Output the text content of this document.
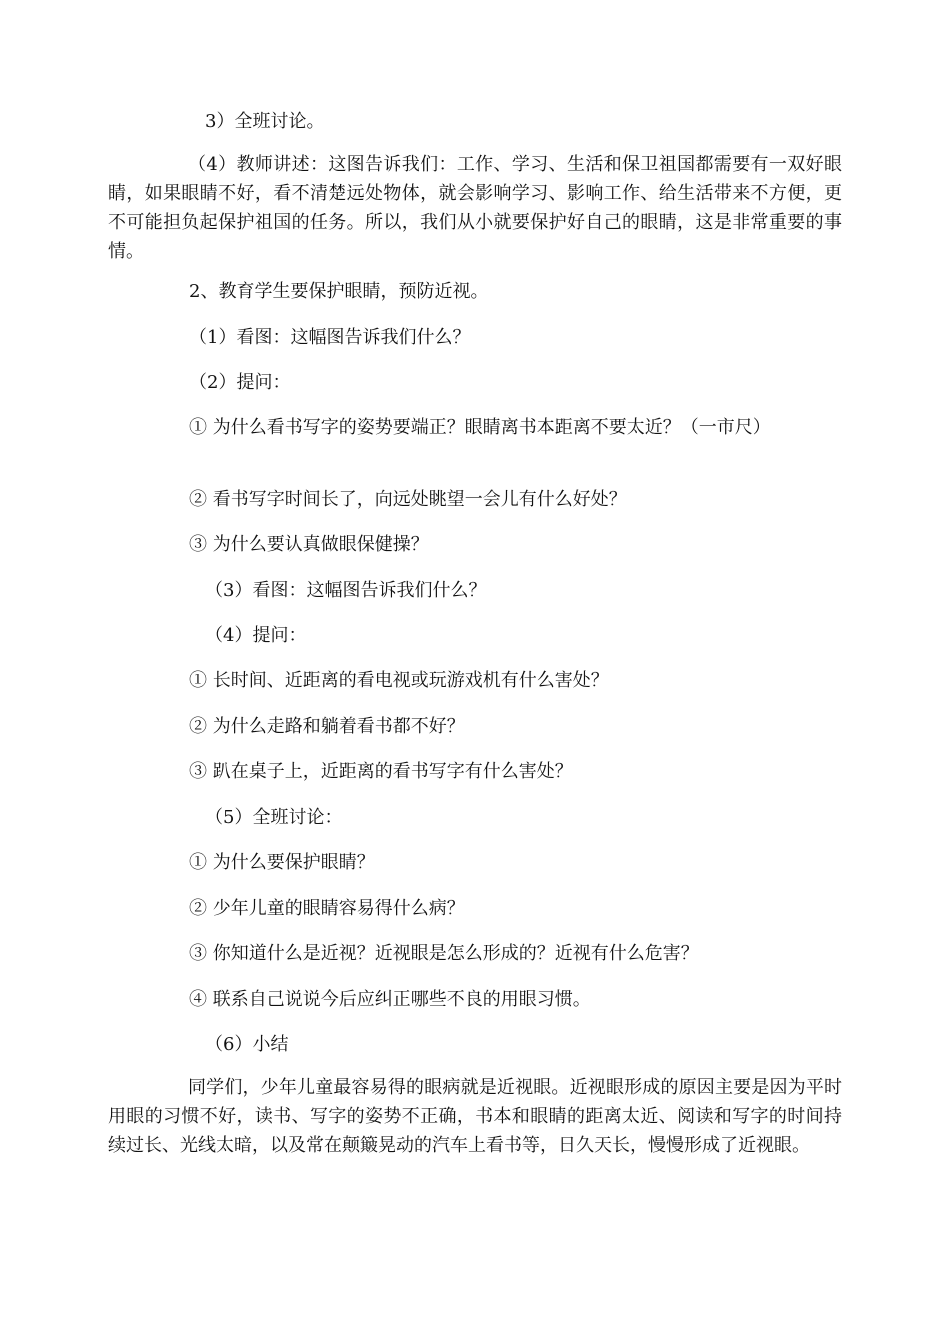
3）全班讨论。
（4）教师讲述：这图告诉我们：工作、学习、生活和保卫祖国都需要有一双好眼睛，如果眼睛不好，看不清楚远处物体，就会影响学习、影响工作、给生活带来不方便，更不可能担负起保护祖国的任务。所以，我们从小就要保护好自己的眼睛，这是非常重要的事情。
2、教育学生要保护眼睛，预防近视。
（1）看图：这幅图告诉我们什么？
（2）提问：
① 为什么看书写字的姿势要端正？眼睛离书本距离不要太近？（一市尺）
② 看书写字时间长了，向远处眺望一会儿有什么好处？
③ 为什么要认真做眼保健操？
（3）看图：这幅图告诉我们什么？
（4）提问：
① 长时间、近距离的看电视或玩游戏机有什么害处？
② 为什么走路和躺着看书都不好？
③ 趴在桌子上，近距离的看书写字有什么害处？
（5）全班讨论：
① 为什么要保护眼睛？
② 少年儿童的眼睛容易得什么病？
③ 你知道什么是近视？近视眼是怎么形成的？近视有什么危害？
④ 联系自己说说今后应纠正哪些不良的用眼习惯。
（6）小结
同学们，少年儿童最容易得的眼病就是近视眼。近视眼形成的原因主要是因为平时用眼的习惯不好，读书、写字的姿势不正确，书本和眼睛的距离太近、阅读和写字的时间持续过长、光线太暗，以及常在颠簸晃动的汽车上看书等，日久天长，慢慢形成了近视眼。
